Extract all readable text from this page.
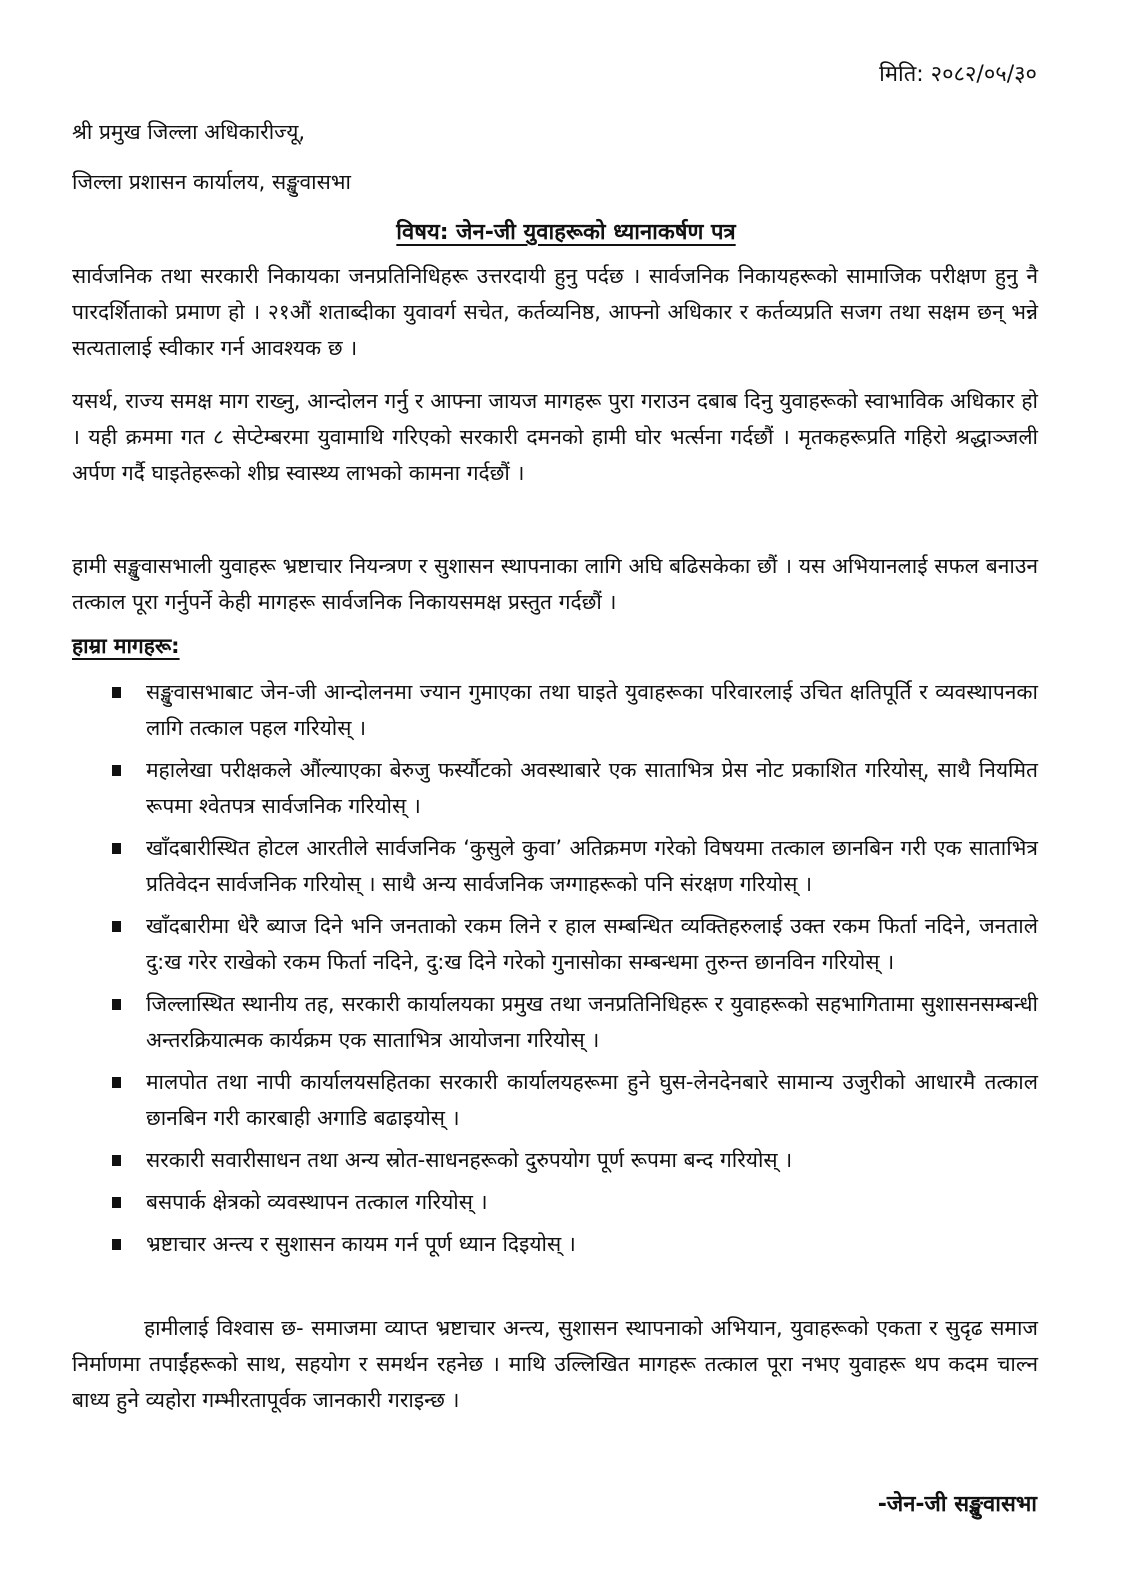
मिति: २०८२/०५/३०
श्री प्रमुख जिल्ला अधिकारीज्यू,
जिल्ला प्रशासन कार्यालय, सङ्खुवासभा
विषय: जेन-जी युवाहरूको ध्यानाकर्षण पत्र
सार्वजनिक तथा सरकारी निकायका जनप्रतिनिधिहरू उत्तरदायी हुनु पर्दछ । सार्वजनिक निकायहरूको सामाजिक परीक्षण हुनु नै पारदर्शिताको प्रमाण हो । २१औं शताब्दीका युवावर्ग सचेत, कर्तव्यनिष्ठ, आफ्नो अधिकार र कर्तव्यप्रति सजग तथा सक्षम छन् भन्ने सत्यतालाई स्वीकार गर्न आवश्यक छ ।
यसर्थ, राज्य समक्ष माग राख्नु, आन्दोलन गर्नु र आफ्ना जायज मागहरू पुरा गराउन दबाब दिनु युवाहरूको स्वाभाविक अधिकार हो । यही क्रममा गत ८ सेप्टेम्बरमा युवामाथि गरिएको सरकारी दमनको हामी घोर भर्त्सना गर्दछौं । मृतकहरूप्रति गहिरो श्रद्धाञ्जली अर्पण गर्दै घाइतेहरूको शीघ्र स्वास्थ्य लाभको कामना गर्दछौं ।
हामी सङ्खुवासभाली युवाहरू भ्रष्टाचार नियन्त्रण र सुशासन स्थापनाका लागि अघि बढिसकेका छौं । यस अभियानलाई सफल बनाउन तत्काल पूरा गर्नुपर्ने केही मागहरू सार्वजनिक निकायसमक्ष प्रस्तुत गर्दछौं ।
हाम्रा मागहरू:
सङ्खुवासभाबाट जेन-जी आन्दोलनमा ज्यान गुमाएका तथा घाइते युवाहरूका परिवारलाई उचित क्षतिपूर्ति र व्यवस्थापनका लागि तत्काल पहल गरियोस् ।
महालेखा परीक्षकले औंल्याएका बेरुजु फर्स्यौटको अवस्थाबारे एक साताभित्र प्रेस नोट प्रकाशित गरियोस्, साथै नियमित रूपमा श्वेतपत्र सार्वजनिक गरियोस् ।
खाँदबारीस्थित होटल आरतीले सार्वजनिक ‘कुसुले कुवा’ अतिक्रमण गरेको विषयमा तत्काल छानबिन गरी एक साताभित्र प्रतिवेदन सार्वजनिक गरियोस् । साथै अन्य सार्वजनिक जग्गाहरूको पनि संरक्षण गरियोस् ।
खाँदबारीमा धेरै ब्याज दिने भनि जनताको रकम लिने र हाल सम्बन्धित व्यक्तिहरुलाई उक्त रकम फिर्ता नदिने, जनताले दु:ख गरेर राखेको रकम फिर्ता नदिने, दु:ख दिने गरेको गुनासोका सम्बन्धमा तुरुन्त छानविन गरियोस् ।
जिल्लास्थित स्थानीय तह, सरकारी कार्यालयका प्रमुख तथा जनप्रतिनिधिहरू र युवाहरूको सहभागितामा सुशासनसम्बन्धी अन्तरक्रियात्मक कार्यक्रम एक साताभित्र आयोजना गरियोस् ।
मालपोत तथा नापी कार्यालयसहितका सरकारी कार्यालयहरूमा हुने घुस-लेनदेनबारे सामान्य उजुरीको आधारमै तत्काल छानबिन गरी कारबाही अगाडि बढाइयोस् ।
सरकारी सवारीसाधन तथा अन्य स्रोत-साधनहरूको दुरुपयोग पूर्ण रूपमा बन्द गरियोस् ।
बसपार्क क्षेत्रको व्यवस्थापन तत्काल गरियोस् ।
भ्रष्टाचार अन्त्य र सुशासन कायम गर्न पूर्ण ध्यान दिइयोस् ।
हामीलाई विश्वास छ- समाजमा व्याप्त भ्रष्टाचार अन्त्य, सुशासन स्थापनाको अभियान, युवाहरूको एकता र सुदृढ समाज निर्माणमा तपाईंहरूको साथ, सहयोग र समर्थन रहनेछ । माथि उल्लिखित मागहरू तत्काल पूरा नभए युवाहरू थप कदम चाल्न बाध्य हुने व्यहोरा गम्भीरतापूर्वक जानकारी गराइन्छ ।
-जेन-जी सङ्खुवासभा
